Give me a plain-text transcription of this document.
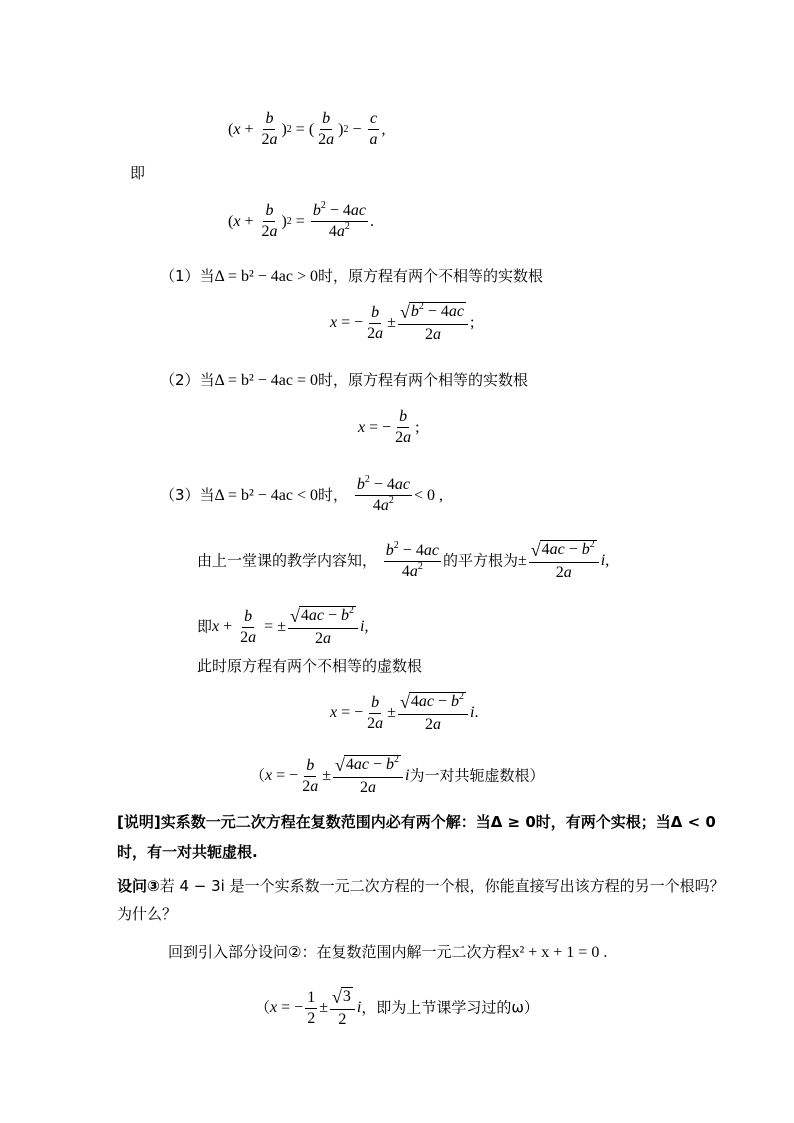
( $x + \frac{b}{2a}$ ) 2 = ( $\frac{b}{2a}$ ) $2 - \frac{c}{a}$ ,
即
( $x + \frac{b}{2a}$ ) $2 = \frac{b^2 - 4ac}{4a^2}$ .
（1）当Δ = b² − 4ac > 0时，原方程有两个不相等的实数根
x = − $\frac{b}{2a} \pm \frac{√ b^2 - 4ac}{2a}$ ;
（2）当Δ = b² − 4ac = 0时，原方程有两个相等的实数根
x = − $\frac{b}{2a}$ ;
（3）当Δ = b² − 4ac < 0时， $\frac{b^2 - 4ac}{4a^2} < 0$ ,
由上一堂课的教学内容知， $\frac{b^2 - 4ac}{4a^2}$ 的平方根为± $\frac{√ 4ac - b^2}{2a}$ i ,
即 $x + \frac{b}{2a}$ = ± $\frac{√ 4ac - b^2}{2a}$ i ,
此时原方程有两个不相等的虚数根
x = − $\frac{b}{2a} \pm \frac{√ 4ac - b^2}{2a}$ i .
（ x = − $\frac{b}{2a} \pm \frac{√ 4ac - b^2}{2a}$ i 为一对共轭虚数根）
[说明]实系数一元二次方程在复数范围内必有两个解：当Δ ≥ 0时，有两个实根；当Δ < 0
时，有一对共轭虚根.
设问③若 4 − 3i 是一个实系数一元二次方程的一个根，你能直接写出该方程的另一个根吗？
为什么？
回到引入部分设问②：在复数范围内解一元二次方程x² + x + 1 = 0 .
（ x = − $\frac{1}{2} \pm \frac{√ 3}{2}$ i ，即为上节课学习过的ω）
